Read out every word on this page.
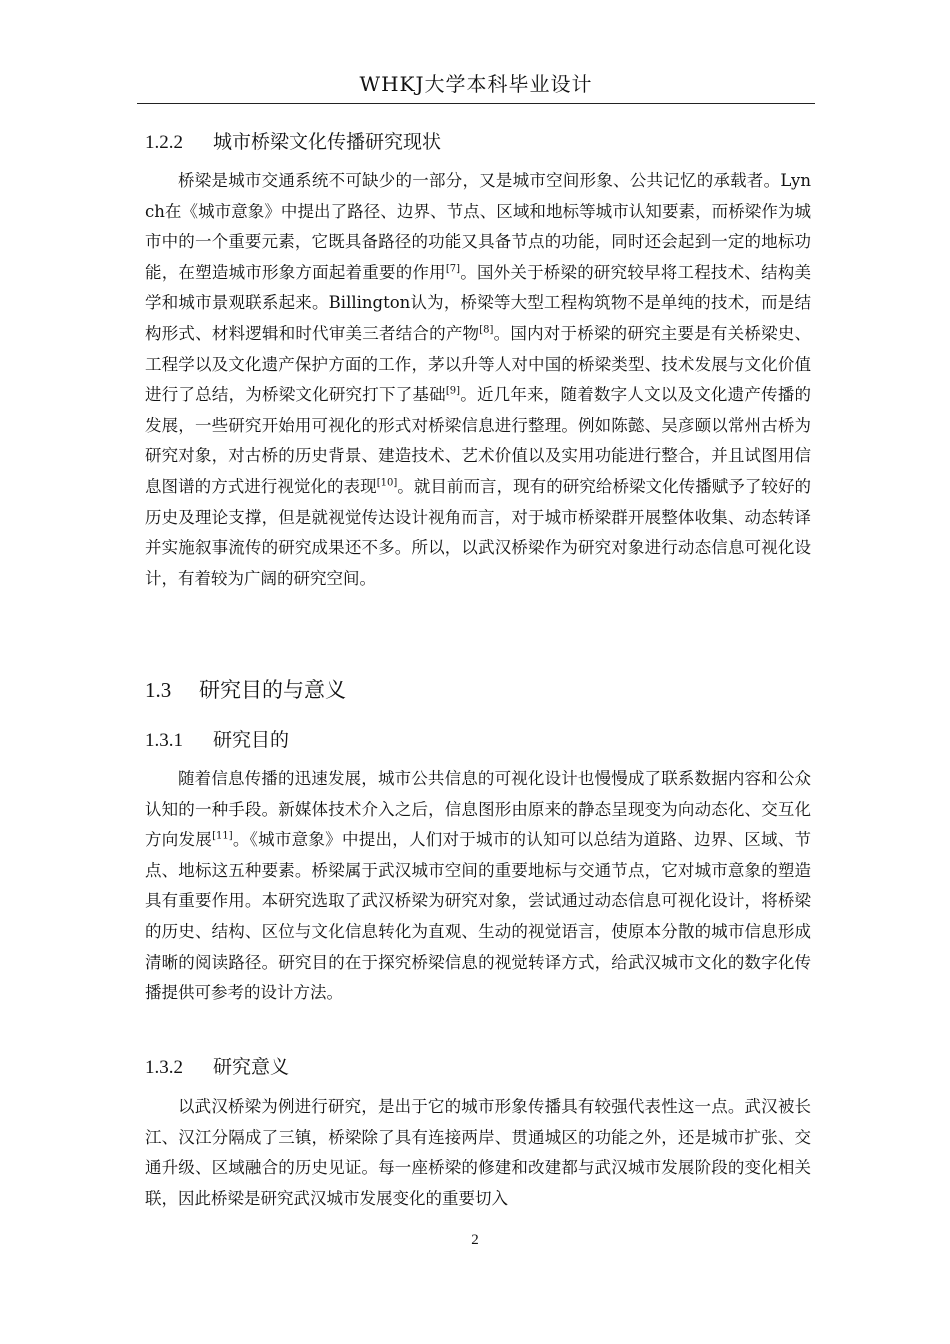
WHKJ大学本科毕业设计
1.2.2 城市桥梁文化传播研究现状

桥梁是城市交通系统不可缺少的一部分，又是城市空间形象、公共记忆的承载者。Lynch在《城市意象》中提出了路径、边界、节点、区域和地标等城市认知要素，而桥梁作为城市中的一个重要元素，它既具备路径的功能又具备节点的功能，同时还会起到一定的地标功能，在塑造城市形象方面起着重要的作用[7]。国外关于桥梁的研究较早将工程技术、结构美学和城市景观联系起来。Billington认为，桥梁等大型工程构筑物不是单纯的技术，而是结构形式、材料逻辑和时代审美三者结合的产物[8]。国内对于桥梁的研究主要是有关桥梁史、工程学以及文化遗产保护方面的工作，茅以升等人对中国的桥梁类型、技术发展与文化价值进行了总结，为桥梁文化研究打下了基础[9]。近几年来，随着数字人文以及文化遗产传播的发展，一些研究开始用可视化的形式对桥梁信息进行整理。例如陈懿、吴彦颐以常州古桥为研究对象，对古桥的历史背景、建造技术、艺术价值以及实用功能进行整合，并且试图用信息图谱的方式进行视觉化的表现[10]。就目前而言，现有的研究给桥梁文化传播赋予了较好的历史及理论支撑，但是就视觉传达设计视角而言，对于城市桥梁群开展整体收集、动态转译并实施叙事流传的研究成果还不多。所以，以武汉桥梁作为研究对象进行动态信息可视化设计，有着较为广阔的研究空间。

1.3 研究目的与意义
1.3.1 研究目的

随着信息传播的迅速发展，城市公共信息的可视化设计也慢慢成了联系数据内容和公众认知的一种手段。新媒体技术介入之后，信息图形由原来的静态呈现变为向动态化、交互化方向发展[11]。《城市意象》中提出，人们对于城市的认知可以总结为道路、边界、区域、节点、地标这五种要素。桥梁属于武汉城市空间的重要地标与交通节点，它对城市意象的塑造具有重要作用。本研究选取了武汉桥梁为研究对象，尝试通过动态信息可视化设计，将桥梁的历史、结构、区位与文化信息转化为直观、生动的视觉语言，使原本分散的城市信息形成清晰的阅读路径。研究目的在于探究桥梁信息的视觉转译方式，给武汉城市文化的数字化传播提供可参考的设计方法。

1.3.2 研究意义

以武汉桥梁为例进行研究，是出于它的城市形象传播具有较强代表性这一点。武汉被长江、汉江分隔成了三镇，桥梁除了具有连接两岸、贯通城区的功能之外，还是城市扩张、交通升级、区域融合的历史见证。每一座桥梁的修建和改建都与武汉城市发展阶段的变化相关联，因此桥梁是研究武汉城市发展变化的重要切入

2
